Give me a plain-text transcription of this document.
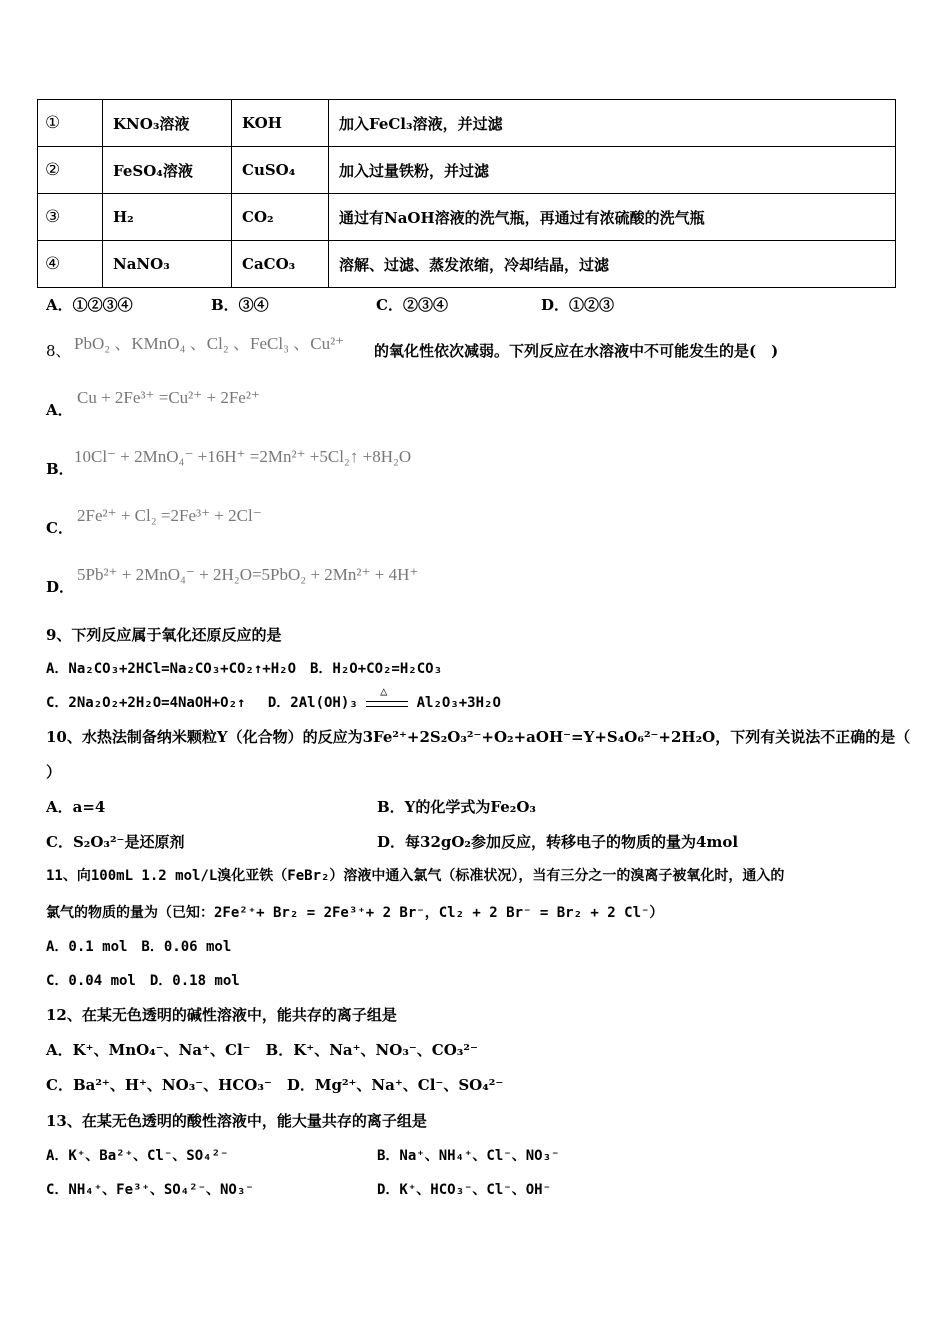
①	KNO₃溶液	KOH	加入FeCl₃溶液，并过滤
②	FeSO₄溶液	CuSO₄	加入过量铁粉，并过滤
③	H₂	CO₂	通过有NaOH溶液的洗气瓶，再通过有浓硫酸的洗气瓶
④	NaNO₃	CaCO₃	溶解、过滤、蒸发浓缩，冷却结晶，过滤
A．①②③④	B．③④	C．②③④	D．①②③
8、 PbO₂ 、KMnO₄ 、Cl₂ 、FeCl₃ 、Cu²⁺ 的氧化性依次减弱。下列反应在水溶液中不可能发生的是(　)
A．
Cu + 2Fe³⁺ =Cu²⁺ + 2Fe²⁺
B．
10Cl⁻ + 2MnO₄⁻ +16H⁺ =2Mn²⁺ +5Cl₂↑ +8H₂O
C．
2Fe²⁺ + Cl₂ =2Fe³⁺ + 2Cl⁻
D．
5Pb²⁺ + 2MnO₄⁻ + 2H₂O=5PbO₂ + 2Mn²⁺ + 4H⁺
9、下列反应属于氧化还原反应的是
A．Na₂CO₃+2HCl=Na₂CO₃+CO₂↑+H₂O　B．H₂O+CO₂=H₂CO₃
C．2Na₂O₂+2H₂O=4NaOH+O₂↑　 D．2Al(OH)₃
△
Al₂O₃+3H₂O
10、水热法制备纳米颗粒Y（化合物）的反应为3Fe²⁺+2S₂O₃²⁻+O₂+aOH⁻=Y+S₄O₆²⁻+2H₂O，下列有关说法不正确的是（
）
A．a=4	B．Y的化学式为Fe₂O₃
C．S₂O₃²⁻是还原剂	D．每32gO₂参加反应，转移电子的物质的量为4mol
11、向100mL 1.2 mol/L溴化亚铁（FeBr₂）溶液中通入氯气（标准状况），当有三分之一的溴离子被氧化时，通入的
氯气的物质的量为（已知：2Fe²⁺+ Br₂ = 2Fe³⁺+ 2 Br⁻，Cl₂ + 2 Br⁻ = Br₂ + 2 Cl⁻）
A．0.1 mol　B．0.06 mol
C．0.04 mol　D．0.18 mol
12、在某无色透明的碱性溶液中，能共存的离子组是
A．K⁺、MnO₄⁻、Na⁺、Cl⁻　B．K⁺、Na⁺、NO₃⁻、CO₃²⁻
C．Ba²⁺、H⁺、NO₃⁻、HCO₃⁻　D．Mg²⁺、Na⁺、Cl⁻、SO₄²⁻
13、在某无色透明的酸性溶液中，能大量共存的离子组是
A．K⁺、Ba²⁺、Cl⁻、SO₄²⁻	B．Na⁺、NH₄⁺、Cl⁻、NO₃⁻
C．NH₄⁺、Fe³⁺、SO₄²⁻、NO₃⁻	D．K⁺、HCO₃⁻、Cl⁻、OH⁻
